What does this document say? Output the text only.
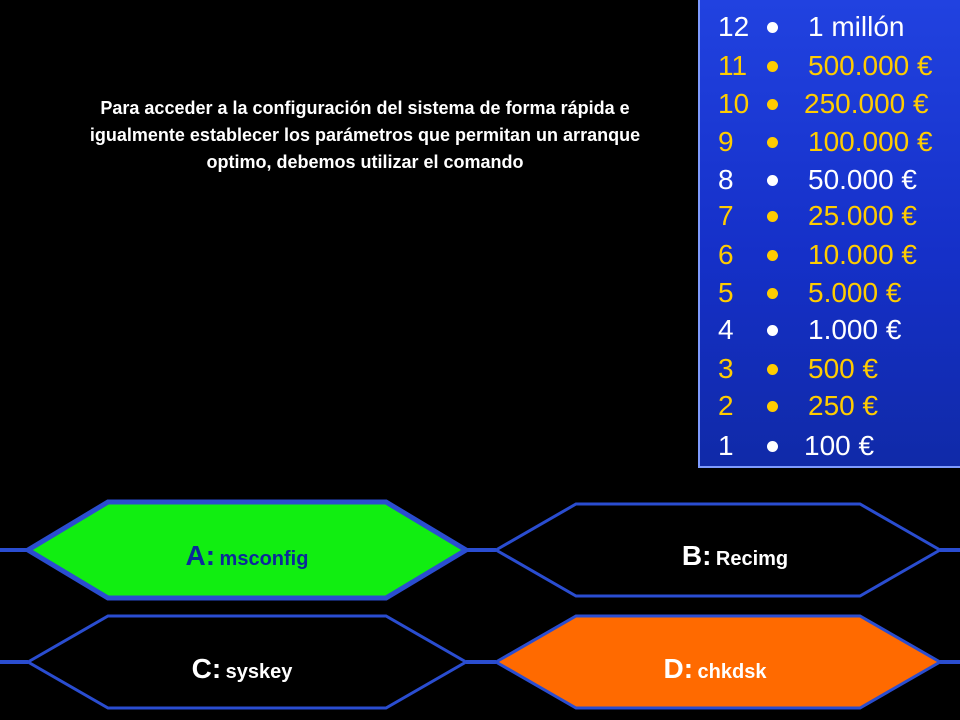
Para acceder a la configuración del sistema de forma rápida e igualmente establecer los parámetros que permitan un arranque optimo, debemos utilizar el comando
12	1 millón
11	500.000 €
10	250.000 €
9	100.000 €
8	50.000 €
7	25.000 €
6	10.000 €
5	5.000 €
4	1.000 €
3	500 €
2	250 €
1	100 €
A: msconfig	B: Recimg
C: syskey	D: chkdsk
